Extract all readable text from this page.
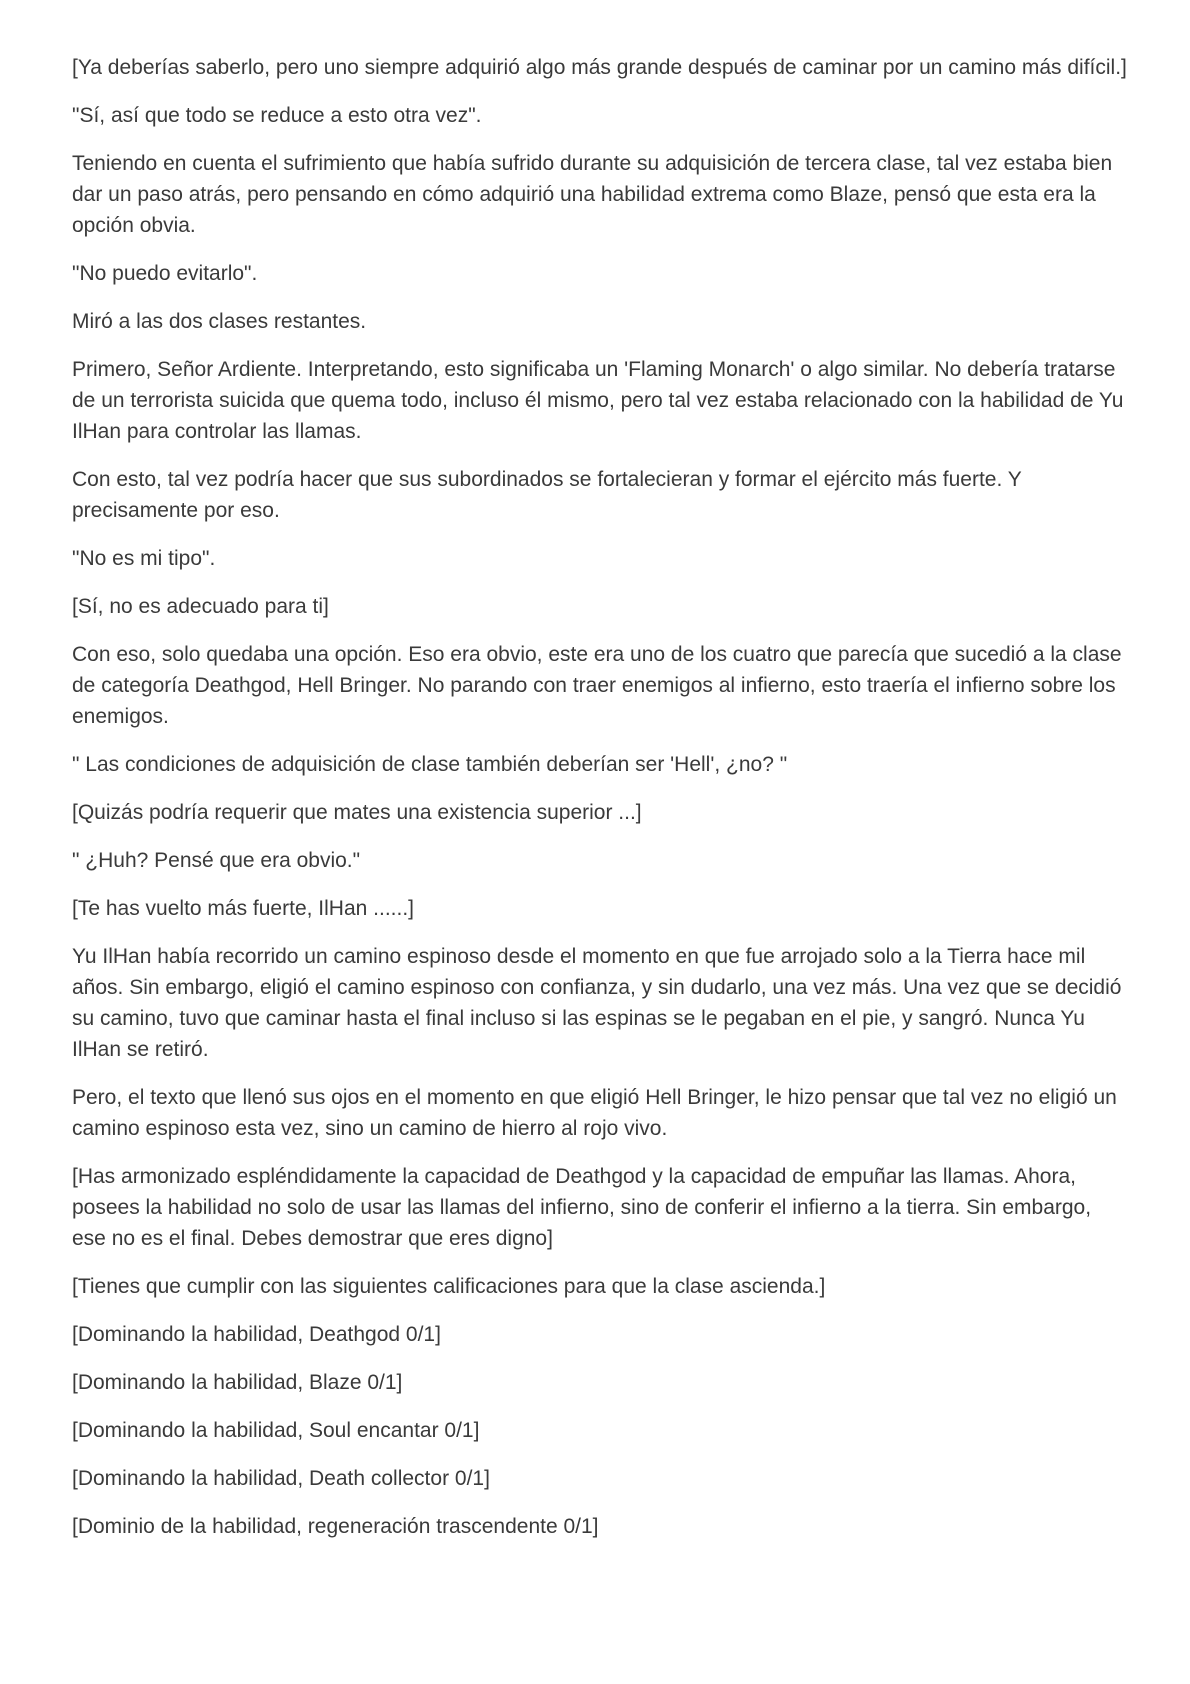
[Ya deberías saberlo, pero uno siempre adquirió algo más grande después de caminar por un camino más difícil.]

"Sí, así que todo se reduce a esto otra vez".

Teniendo en cuenta el sufrimiento que había sufrido durante su adquisición de tercera clase, tal vez estaba bien dar un paso atrás, pero pensando en cómo adquirió una habilidad extrema como Blaze, pensó que esta era la opción obvia.

"No puedo evitarlo".

Miró a las dos clases restantes.

Primero, Señor Ardiente. Interpretando, esto significaba un 'Flaming Monarch' o algo similar. No debería tratarse de un terrorista suicida que quema todo, incluso él mismo, pero tal vez estaba relacionado con la habilidad de Yu IlHan para controlar las llamas.

Con esto, tal vez podría hacer que sus subordinados se fortalecieran y formar el ejército más fuerte. Y precisamente por eso.

"No es mi tipo".

[Sí, no es adecuado para ti]

Con eso, solo quedaba una opción. Eso era obvio, este era uno de los cuatro que parecía que sucedió a la clase de categoría Deathgod, Hell Bringer. No parando con traer enemigos al infierno, esto traería el infierno sobre los enemigos.

" Las condiciones de adquisición de clase también deberían ser 'Hell', ¿no? "

[Quizás podría requerir que mates una existencia superior ...]

" ¿Huh? Pensé que era obvio."

[Te has vuelto más fuerte, IlHan ......]

Yu IlHan había recorrido un camino espinoso desde el momento en que fue arrojado solo a la Tierra hace mil años. Sin embargo, eligió el camino espinoso con confianza, y sin dudarlo, una vez más. Una vez que se decidió su camino, tuvo que caminar hasta el final incluso si las espinas se le pegaban en el pie, y sangró. Nunca Yu IlHan se retiró.

Pero, el texto que llenó sus ojos en el momento en que eligió Hell Bringer, le hizo pensar que tal vez no eligió un camino espinoso esta vez, sino un camino de hierro al rojo vivo.

[Has armonizado espléndidamente la capacidad de Deathgod y la capacidad de empuñar las llamas. Ahora, posees la habilidad no solo de usar las llamas del infierno, sino de conferir el infierno a la tierra. Sin embargo, ese no es el final. Debes demostrar que eres digno]

[Tienes que cumplir con las siguientes calificaciones para que la clase ascienda.]

[Dominando la habilidad, Deathgod 0/1]

[Dominando la habilidad, Blaze 0/1]

[Dominando la habilidad, Soul encantar 0/1]

[Dominando la habilidad, Death collector 0/1]

[Dominio de la habilidad, regeneración trascendente 0/1]
